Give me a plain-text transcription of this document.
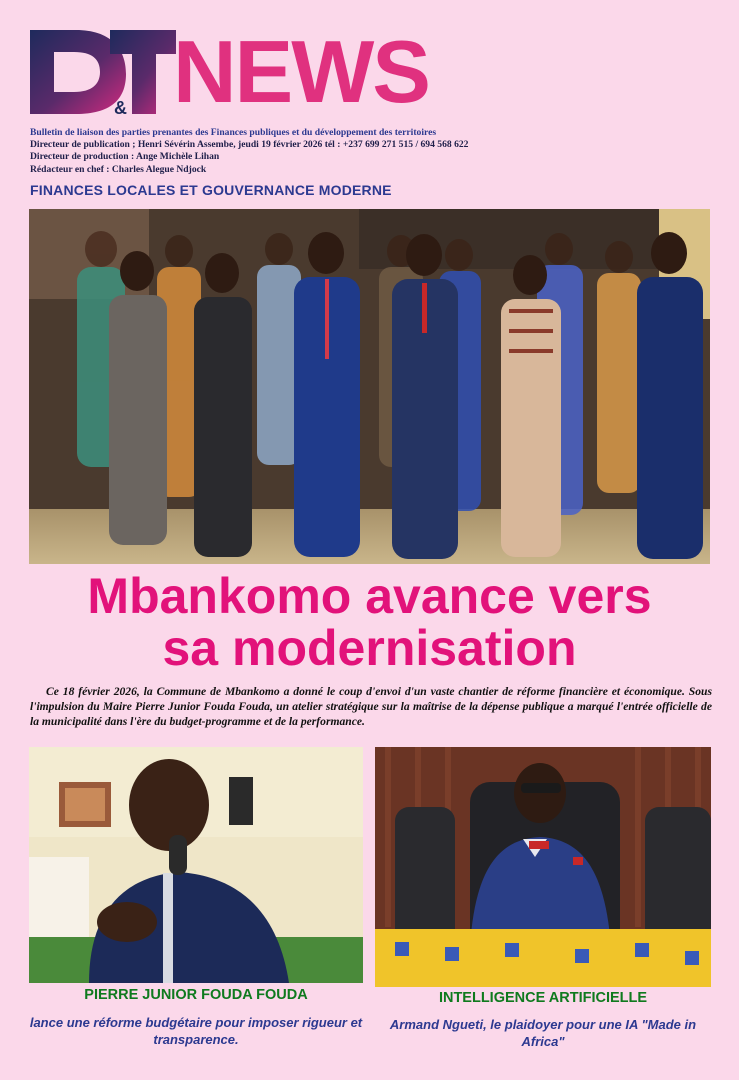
& NEWS
Bulletin de liaison des parties prenantes des Finances publiques et du développement des territoires
Directeur de publication ; Henri Sévérin Assembe, jeudi 19 février 2026 tél : +237 699 271 515 / 694 568 622
Directeur de production : Ange Michèle Lihan
Rédacteur en chef : Charles Alegue Ndjock
FINANCES LOCALES ET GOUVERNANCE MODERNE
Mbankomo avance vers
sa modernisation
Ce 18 février 2026, la Commune de Mbankomo a donné le coup d'envoi d'un vaste chantier de réforme financière et économique. Sous l'impulsion du Maire Pierre Junior Fouda Fouda, un atelier stratégique sur la maîtrise de la dépense publique a marqué l'entrée officielle de la municipalité dans l'ère du budget-programme et de la performance.
PIERRE JUNIOR FOUDA FOUDA
lance une réforme budgétaire pour imposer rigueur et transparence.
INTELLIGENCE ARTIFICIELLE
Armand Ngueti, le plaidoyer pour une IA "Made in Africa"
